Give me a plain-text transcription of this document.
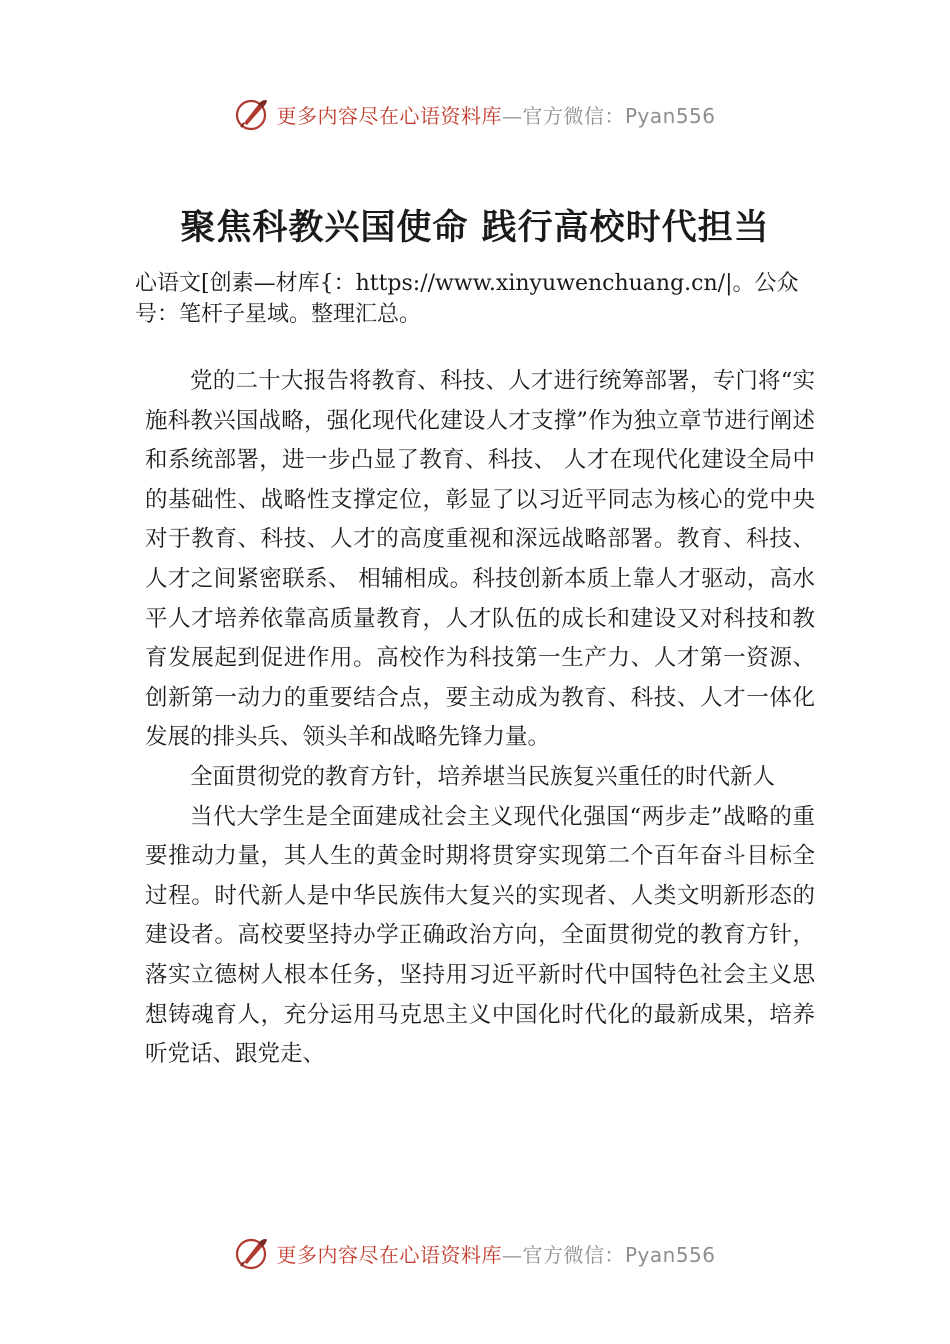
更多内容尽在心语资料库—官方微信：Pyan556
聚焦科教兴国使命 践行高校时代担当

心语文[创素—材库{：https://www.xinyuwenchuang.cn/|。公众号：笔杆子星域。整理汇总。

党的二十大报告将教育、科技、人才进行统筹部署，专门将“实施科教兴国战略，强化现代化建设人才支撑”作为独立章节进行阐述和系统部署，进一步凸显了教育、科技、 人才在现代化建设全局中的基础性、战略性支撑定位，彰显了以习近平同志为核心的党中央对于教育、科技、人才的高度重视和深远战略部署。教育、科技、人才之间紧密联系、 相辅相成。科技创新本质上靠人才驱动，高水平人才培养依靠高质量教育，人才队伍的成长和建设又对科技和教育发展起到促进作用。高校作为科技第一生产力、人才第一资源、 创新第一动力的重要结合点，要主动成为教育、科技、人才一体化发展的排头兵、领头羊和战略先锋力量。

全面贯彻党的教育方针，培养堪当民族复兴重任的时代新人

当代大学生是全面建成社会主义现代化强国“两步走”战略的重要推动力量，其人生的黄金时期将贯穿实现第二个百年奋斗目标全过程。时代新人是中华民族伟大复兴的实现者、人类文明新形态的建设者。高校要坚持办学正确政治方向，全面贯彻党的教育方针，落实立德树人根本任务，坚持用习近平新时代中国特色社会主义思想铸魂育人，充分运用马克思主义中国化时代化的最新成果，培养听党话、跟党走、

更多内容尽在心语资料库—官方微信：Pyan556
